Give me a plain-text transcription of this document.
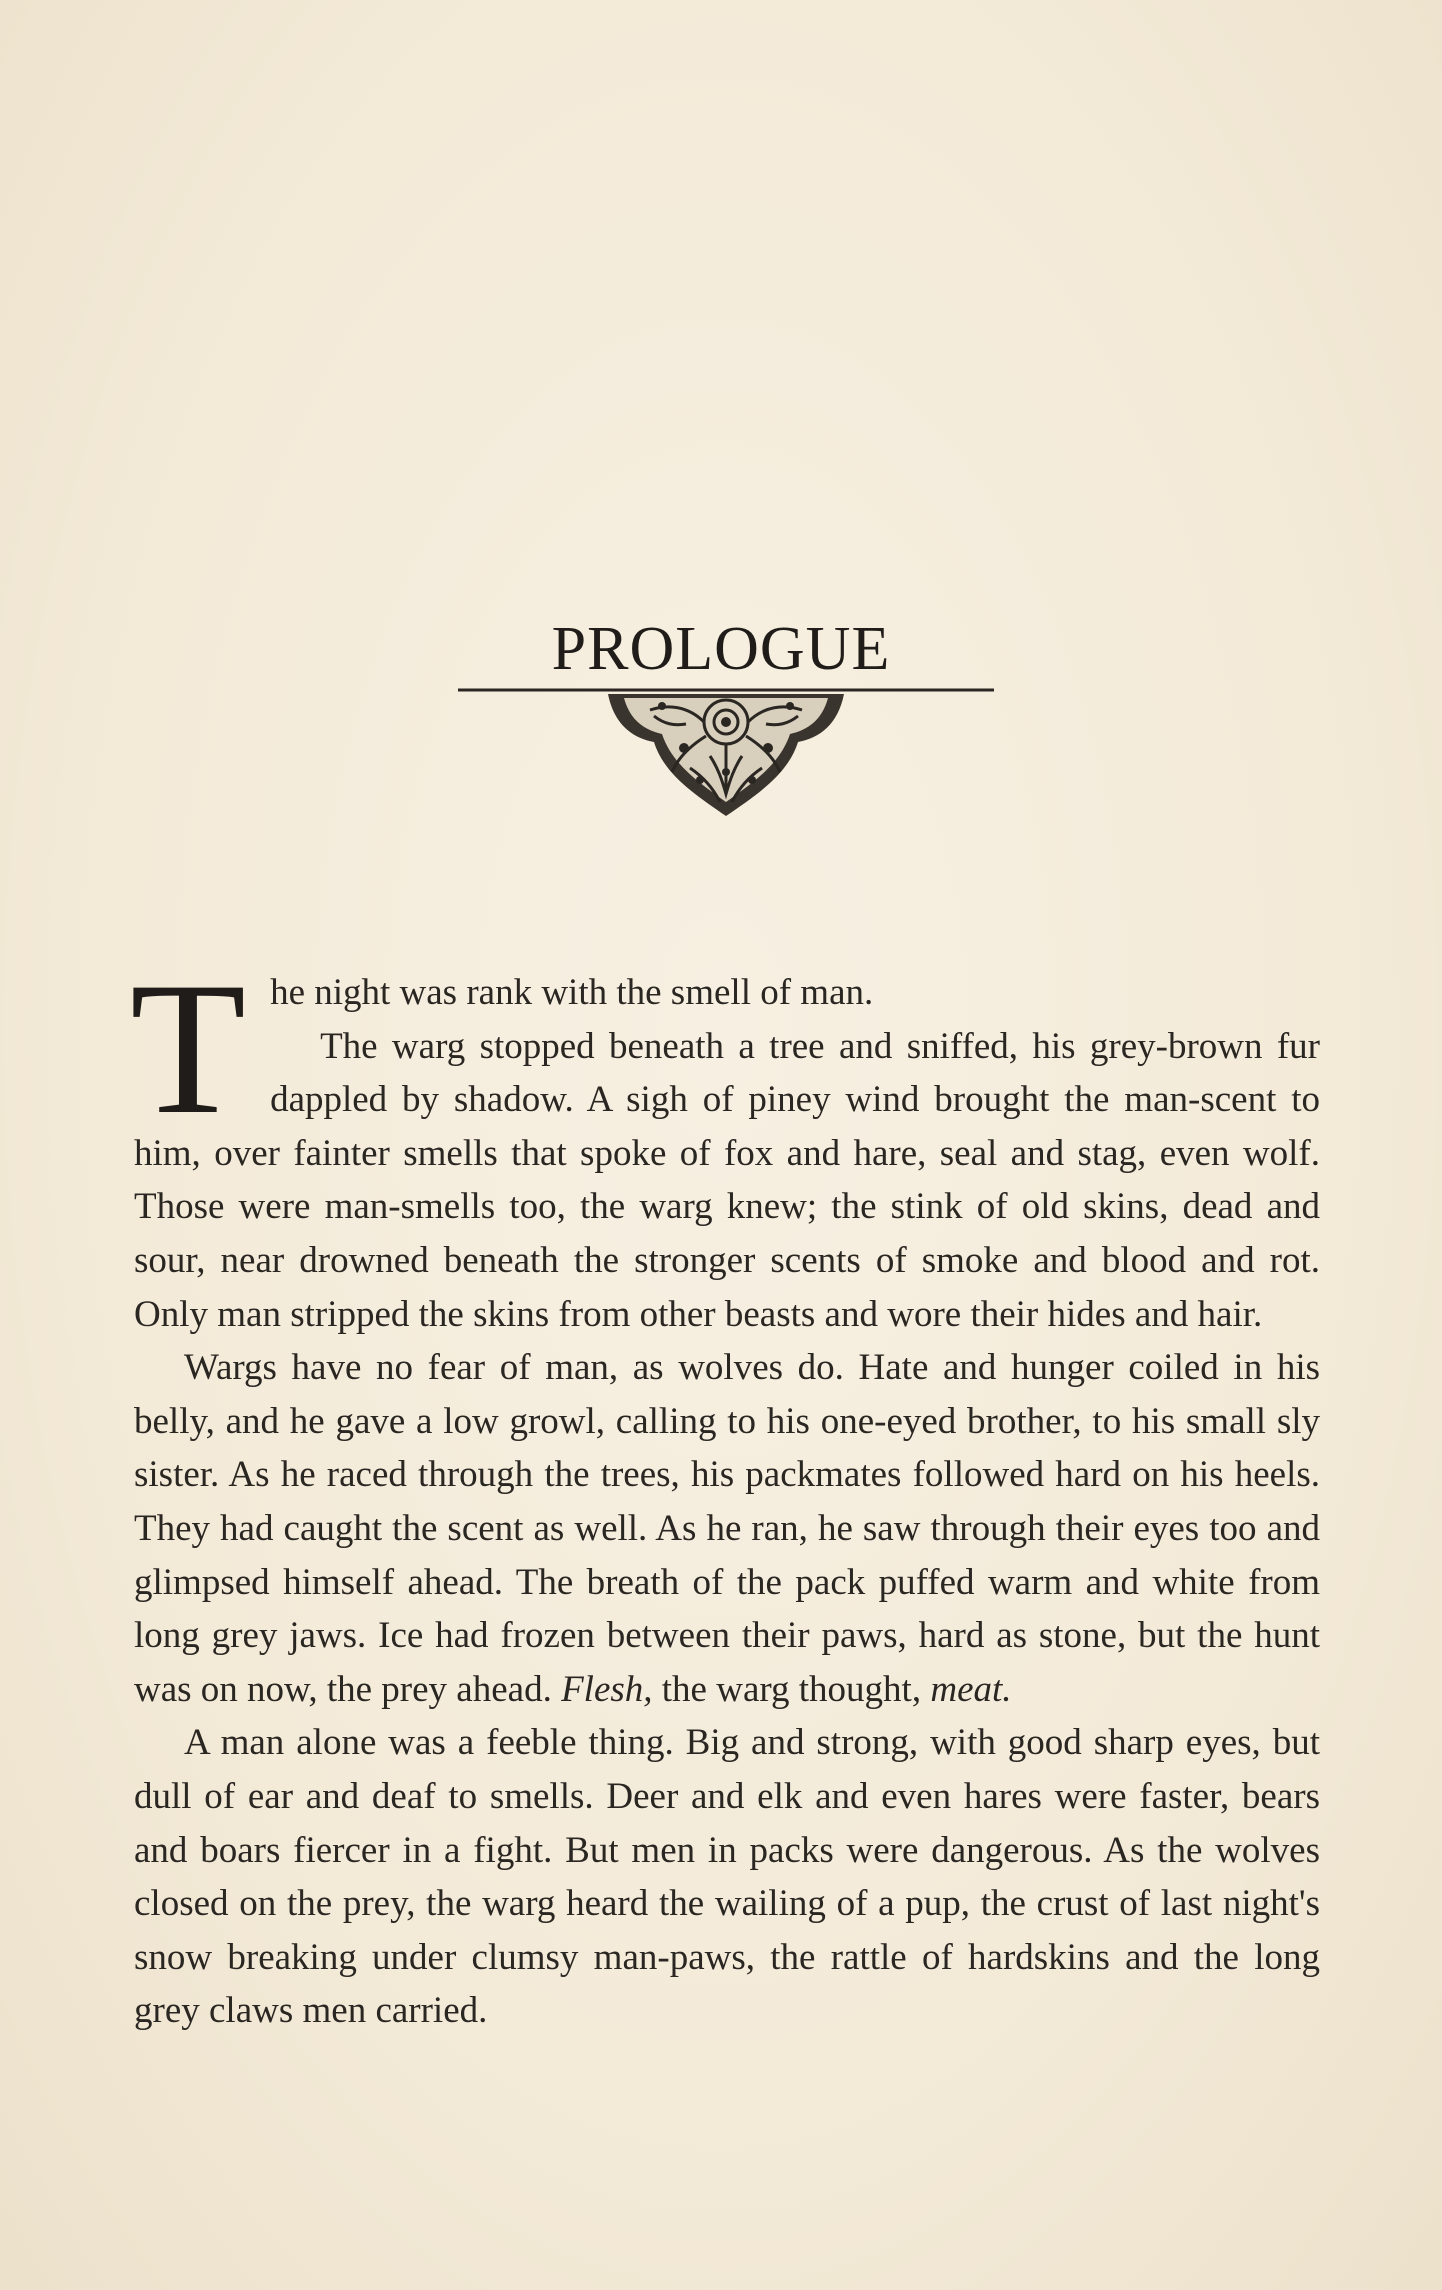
PROLOGUE

The night was rank with the smell of man.

The warg stopped beneath a tree and sniffed, his grey-brown fur dappled by shadow. A sigh of piney wind brought the man-scent to him, over fainter smells that spoke of fox and hare, seal and stag, even wolf. Those were man-smells too, the warg knew; the stink of old skins, dead and sour, near drowned beneath the stronger scents of smoke and blood and rot. Only man stripped the skins from other beasts and wore their hides and hair.

Wargs have no fear of man, as wolves do. Hate and hunger coiled in his belly, and he gave a low growl, calling to his one-eyed brother, to his small sly sister. As he raced through the trees, his packmates followed hard on his heels. They had caught the scent as well. As he ran, he saw through their eyes too and glimpsed himself ahead. The breath of the pack puffed warm and white from long grey jaws. Ice had frozen between their paws, hard as stone, but the hunt was on now, the prey ahead. Flesh, the warg thought, meat.

A man alone was a feeble thing. Big and strong, with good sharp eyes, but dull of ear and deaf to smells. Deer and elk and even hares were faster, bears and boars fiercer in a fight. But men in packs were dangerous. As the wolves closed on the prey, the warg heard the wailing of a pup, the crust of last night's snow breaking under clumsy man-paws, the rattle of hardskins and the long grey claws men carried.
